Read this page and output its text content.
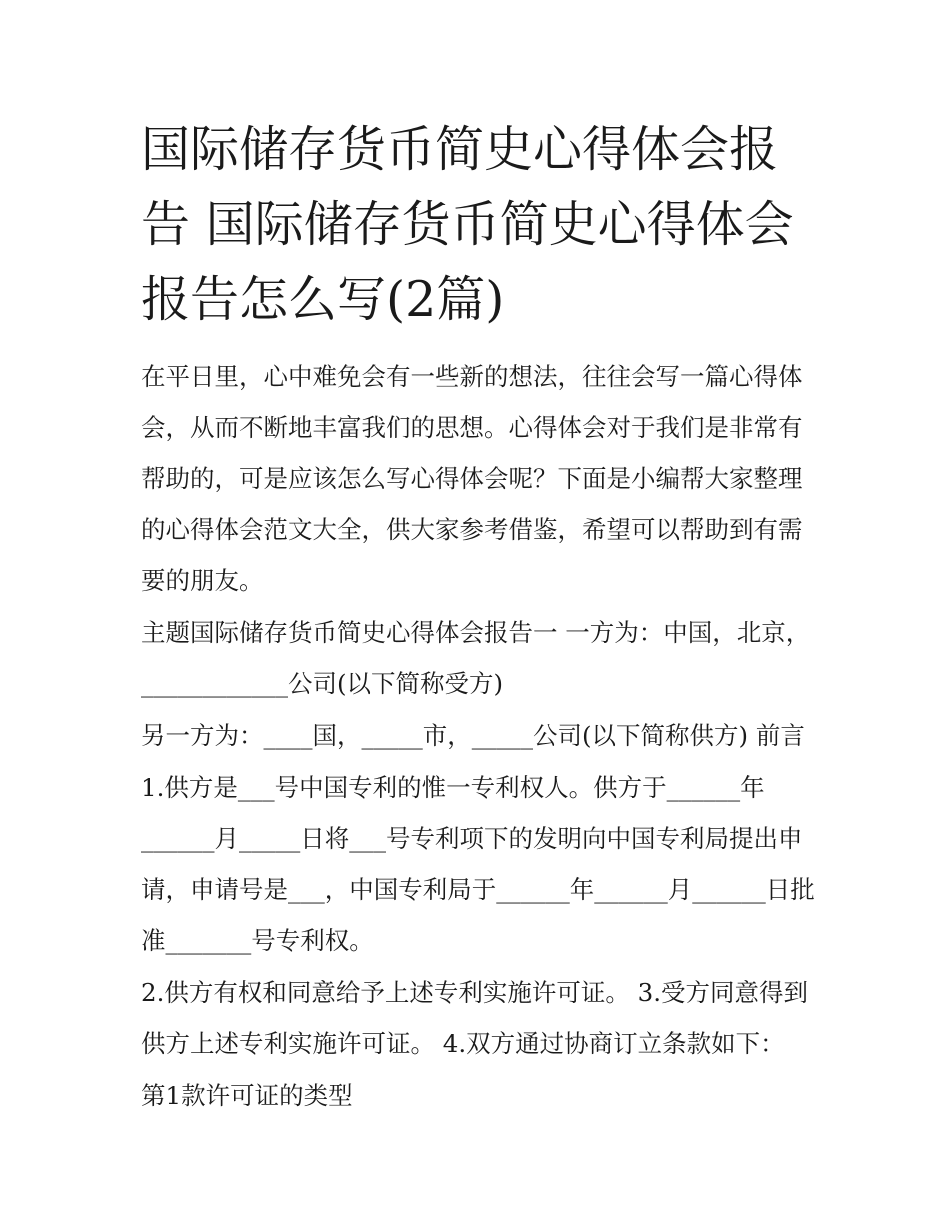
国际储存货币简史心得体会报告 国际储存货币简史心得体会报告怎么写(2篇)

在平日里，心中难免会有一些新的想法，往往会写一篇心得体会，从而不断地丰富我们的思想。心得体会对于我们是非常有帮助的，可是应该怎么写心得体会呢？下面是小编帮大家整理的心得体会范文大全，供大家参考借鉴，希望可以帮助到有需要的朋友。

主题国际储存货币简史心得体会报告一 一方为：中国，北京，____________公司(以下简称受方)

另一方为：____国，_____市，_____公司(以下简称供方) 前言

1.供方是___号中国专利的惟一专利权人。供方于______年______月_____日将___号专利项下的发明向中国专利局提出申请，申请号是___，中国专利局于______年______月______日批准_______号专利权。

2.供方有权和同意给予上述专利实施许可证。 3.受方同意得到供方上述专利实施许可证。 4.双方通过协商订立条款如下：

第1款许可证的类型
